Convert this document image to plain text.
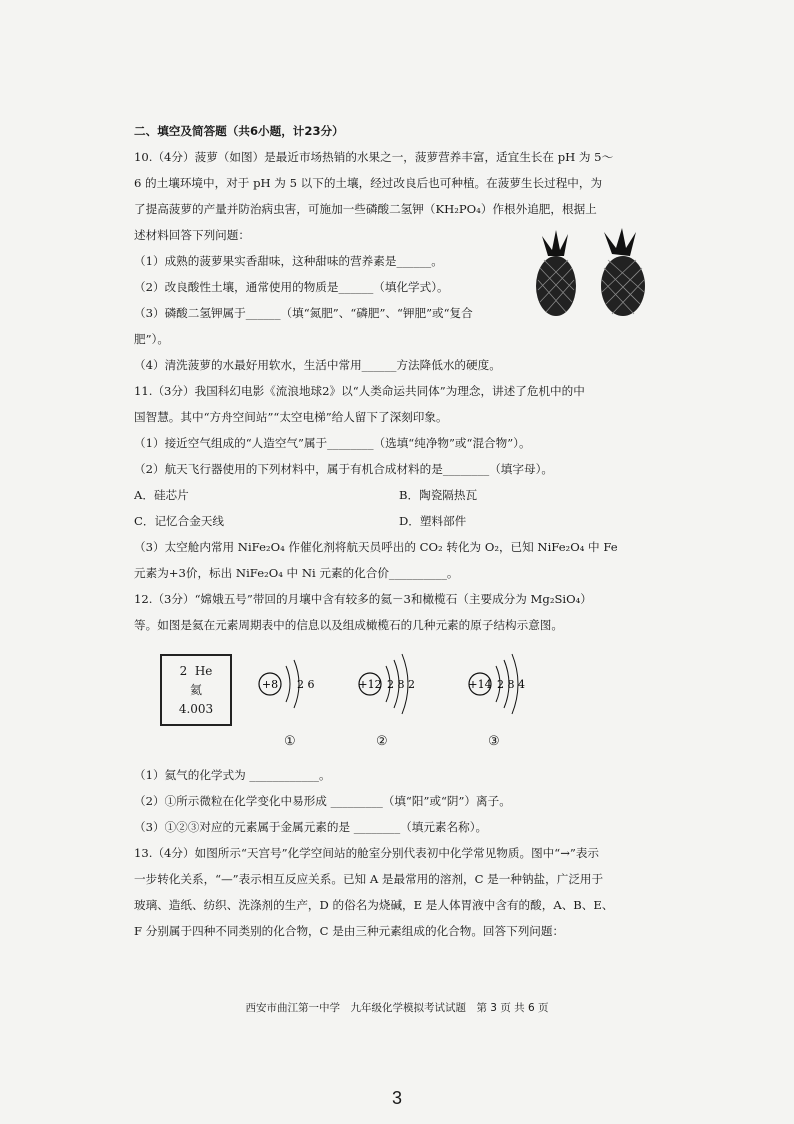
二、填空及简答题（共6小题，计23分）
10.（4分）菠萝（如图）是最近市场热销的水果之一，菠萝营养丰富，适宜生长在 pH 为 5～
6 的土壤环境中，对于 pH 为 5 以下的土壤，经过改良后也可种植。在菠萝生长过程中，为
了提高菠萝的产量并防治病虫害，可施加一些磷酸二氢钾（KH₂PO₄）作根外追肥，根据上
述材料回答下列问题：
（1）成熟的菠萝果实香甜味，这种甜味的营养素是______。
（2）改良酸性土壤，通常使用的物质是______（填化学式）。
（3）磷酸二氢钾属于______（填“氮肥”、“磷肥”、“钾肥”或“复合
肥”）。
（4）清洗菠萝的水最好用软水，生活中常用______方法降低水的硬度。
11.（3分）我国科幻电影《流浪地球2》以“人类命运共同体”为理念，讲述了危机中的中
国智慧。其中“方舟空间站”“太空电梯”给人留下了深刻印象。
（1）接近空气组成的“人造空气”属于________（选填“纯净物”或“混合物”）。
（2）航天飞行器使用的下列材料中，属于有机合成材料的是________（填字母）。
A．硅芯片	B．陶瓷隔热瓦
C．记忆合金天线	D．塑料部件
（3）太空舱内常用 NiFe₂O₄ 作催化剂将航天员呼出的 CO₂ 转化为 O₂，已知 NiFe₂O₄ 中 Fe
元素为+3价，标出 NiFe₂O₄ 中 Ni 元素的化合价__________。
12.（3分）“嫦娥五号”带回的月壤中含有较多的氦－3和橄榄石（主要成分为 Mg₂SiO₄）
等。如图是氦在元素周期表中的信息以及组成橄榄石的几种元素的原子结构示意图。
（1）氦气的化学式为 ____________。
（2）①所示微粒在化学变化中易形成 _________（填“阳”或“阴”）离子。
（3）①②③对应的元素属于金属元素的是 ________（填元素名称）。
13.（4分）如图所示“天宫号”化学空间站的舱室分别代表初中化学常见物质。图中“→”表示
一步转化关系，“—”表示相互反应关系。已知 A 是最常用的溶剂，C 是一种钠盐，广泛用于
玻璃、造纸、纺织、洗涤剂的生产，D 的俗名为烧碱，E 是人体胃液中含有的酸，A、B、E、
F 分别属于四种不同类别的化合物，C 是由三种元素组成的化合物。回答下列问题：
2 He
氦
4.003
+8 2 6	+12 2 8 2	+14 2 8 4
①	②	③
西安市曲江第一中学　九年级化学模拟考试试题　第 3 页 共 6 页
3
